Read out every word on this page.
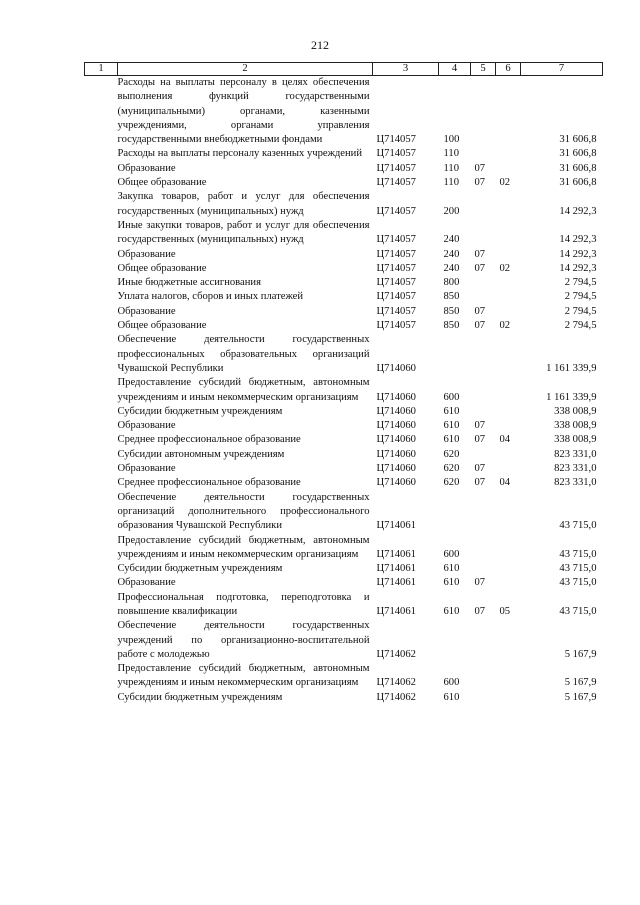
212
1	2	3	4	5	6	7
	Расходы на выплаты персоналу в целях обеспечения выполнения функций государственными (муниципальными) органами, казенными учреждениями, органами управления государственными внебюджетными фондами	Ц714057	100			31 606,8
	Расходы на выплаты персоналу казенных учреждений	Ц714057	110			31 606,8
	Образование	Ц714057	110	07		31 606,8
	Общее образование	Ц714057	110	07	02	31 606,8
	Закупка товаров, работ и услуг для обеспечения государственных (муниципальных) нужд	Ц714057	200			14 292,3
	Иные закупки товаров, работ и услуг для обеспечения государственных (муниципальных) нужд	Ц714057	240			14 292,3
	Образование	Ц714057	240	07		14 292,3
	Общее образование	Ц714057	240	07	02	14 292,3
	Иные бюджетные ассигнования	Ц714057	800			2 794,5
	Уплата налогов, сборов и иных платежей	Ц714057	850			2 794,5
	Образование	Ц714057	850	07		2 794,5
	Общее образование	Ц714057	850	07	02	2 794,5
	Обеспечение деятельности государственных профессиональных образовательных организаций Чувашской Республики	Ц714060				1 161 339,9
	Предоставление субсидий бюджетным, автономным учреждениям и иным некоммерческим организациям	Ц714060	600			1 161 339,9
	Субсидии бюджетным учреждениям	Ц714060	610			338 008,9
	Образование	Ц714060	610	07		338 008,9
	Среднее профессиональное образование	Ц714060	610	07	04	338 008,9
	Субсидии автономным учреждениям	Ц714060	620			823 331,0
	Образование	Ц714060	620	07		823 331,0
	Среднее профессиональное образование	Ц714060	620	07	04	823 331,0
	Обеспечение деятельности государственных организаций дополнительного профессионального образования Чувашской Республики	Ц714061				43 715,0
	Предоставление субсидий бюджетным, автономным учреждениям и иным некоммерческим организациям	Ц714061	600			43 715,0
	Субсидии бюджетным учреждениям	Ц714061	610			43 715,0
	Образование	Ц714061	610	07		43 715,0
	Профессиональная подготовка, переподготовка и повышение квалификации	Ц714061	610	07	05	43 715,0
	Обеспечение деятельности государственных учреждений по организационно-воспитательной работе с молодежью	Ц714062				5 167,9
	Предоставление субсидий бюджетным, автономным учреждениям и иным некоммерческим организациям	Ц714062	600			5 167,9
	Субсидии бюджетным учреждениям	Ц714062	610			5 167,9
